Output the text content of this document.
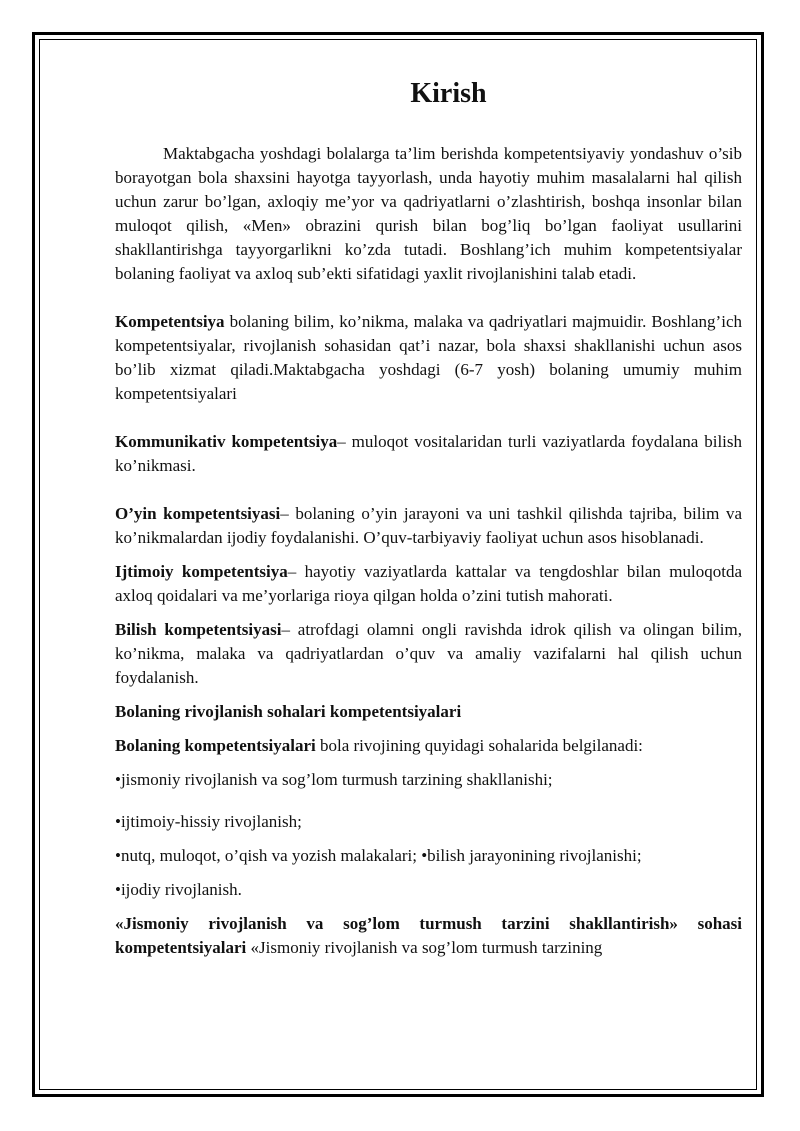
Kirish

Maktabgacha yoshdagi bolalarga ta’lim berishda kompetentsiyaviy yondashuv o’sib borayotgan bola shaxsini hayotga tayyorlash, unda hayotiy muhim masalalarni hal qilish uchun zarur bo’lgan, axloqiy me’yor va qadriyatlarni o’zlashtirish, boshqa insonlar bilan muloqot qilish, «Men» obrazini qurish bilan bog’liq bo’lgan faoliyat usullarini shakllantirishga tayyorgarlikni ko’zda tutadi. Boshlang’ich muhim kompetentsiyalar bolaning faoliyat va axloq sub’ekti sifatidagi yaxlit rivojlanishini talab etadi.

Kompetentsiya bolaning bilim, ko’nikma, malaka va qadriyatlari majmuidir. Boshlang’ich kompetentsiyalar, rivojlanish sohasidan qat’i nazar, bola shaxsi shakllanishi uchun asos bo’lib xizmat qiladi.Maktabgacha yoshdagi (6-7 yosh) bolaning umumiy muhim kompetentsiyalari

Kommunikativ kompetentsiya– muloqot vositalaridan turli vaziyatlarda foydalana bilish ko’nikmasi.

O’yin kompetentsiyasi– bolaning o’yin jarayoni va uni tashkil qilishda tajriba, bilim va ko’nikmalardan ijodiy foydalanishi. O’quv-tarbiyaviy faoliyat uchun asos hisoblanadi.

Ijtimoiy kompetentsiya– hayotiy vaziyatlarda kattalar va tengdoshlar bilan muloqotda axloq qoidalari va me’yorlariga rioya qilgan holda o’zini tutish mahorati.

Bilish kompetentsiyasi– atrofdagi olamni ongli ravishda idrok qilish va olingan bilim, ko’nikma, malaka va qadriyatlardan o’quv va amaliy vazifalarni hal qilish uchun foydalanish.

Bolaning rivojlanish sohalari kompetentsiyalari

Bolaning kompetentsiyalari bola rivojining quyidagi sohalarida belgilanadi:

•jismoniy rivojlanish va sog’lom turmush tarzining shakllanishi;

•ijtimoiy-hissiy rivojlanish;

•nutq, muloqot, o’qish va yozish malakalari; •bilish jarayonining rivojlanishi;

•ijodiy rivojlanish.

«Jismoniy rivojlanish va sog’lom turmush tarzini shakllantirish» sohasi kompetentsiyalari «Jismoniy rivojlanish va sog’lom turmush tarzining
